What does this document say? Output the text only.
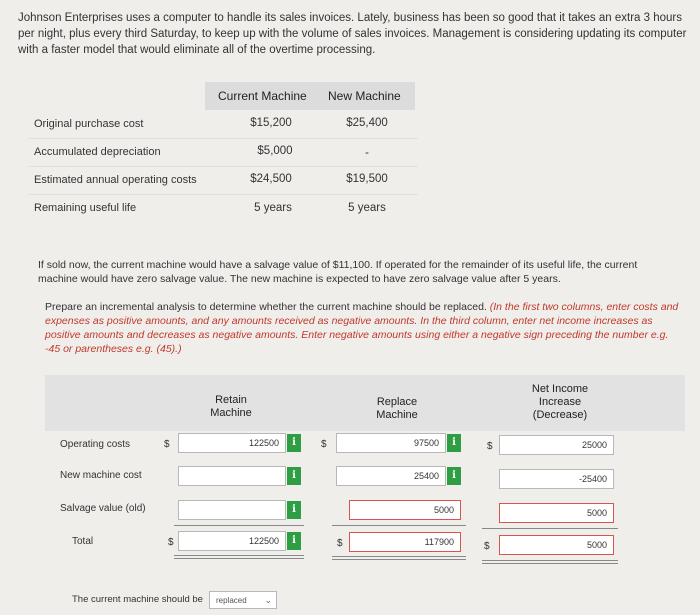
Johnson Enterprises uses a computer to handle its sales invoices. Lately, business has been so good that it takes an extra 3 hours per night, plus every third Saturday, to keep up with the volume of sales invoices. Management is considering updating its computer with a faster model that would eliminate all of the overtime processing.
Current Machine New Machine
Original purchase cost	$15,200	$25,400
Accumulated depreciation	$5,000	-
Estimated annual operating costs	$24,500	$19,500
Remaining useful life	5 years	5 years
If sold now, the current machine would have a salvage value of $11,100. If operated for the remainder of its useful life, the current machine would have zero salvage value. The new machine is expected to have zero salvage value after 5 years.
Prepare an incremental analysis to determine whether the current machine should be replaced. (In the first two columns, enter costs and expenses as positive amounts, and any amounts received as negative amounts. In the third column, enter net income increases as positive amounts and decreases as negative amounts. Enter negative amounts using either a negative sign preceding the number e.g. -45 or parentheses e.g. (45).)
Retain
Machine
Replace
Machine
Net Income
Increase
(Decrease)
Operating costs	$	122500	i	$	97500	i	$	25000
New machine cost	i	25400	i	-25400
Salvage value (old)	i	5000	5000
Total	$	122500	i	$	117900	$	5000
The current machine should be	replaced ⌄
